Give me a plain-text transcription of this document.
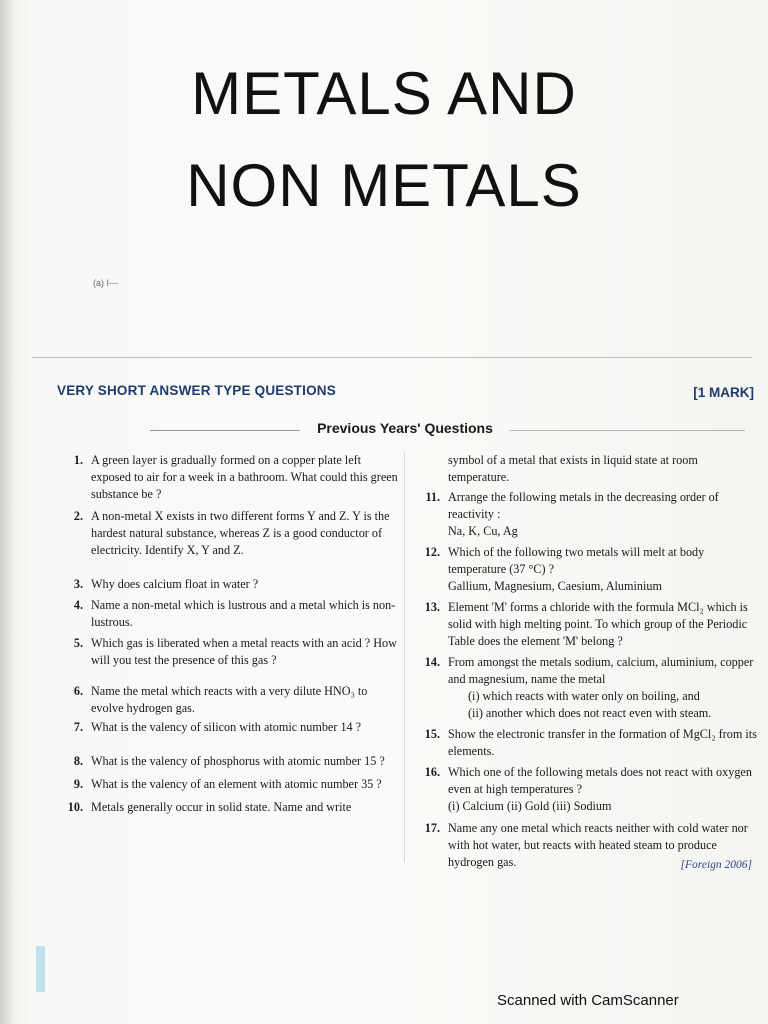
METALS AND
NON METALS
(a) I---
VERY SHORT ANSWER TYPE QUESTIONS	[1 MARK]
Previous Years' Questions
1. A green layer is gradually formed on a copper plate left exposed to air for a week in a bathroom. What could this green substance be ?
2. A non-metal X exists in two different forms Y and Z. Y is the hardest natural substance, whereas Z is a good conductor of electricity. Identify X, Y and Z.
3. Why does calcium float in water ?
4. Name a non-metal which is lustrous and a metal which is non-lustrous.
5. Which gas is liberated when a metal reacts with an acid ? How will you test the presence of this gas ?
6. Name the metal which reacts with a very dilute HNO₃ to evolve hydrogen gas.
7. What is the valency of silicon with atomic number 14 ?
8. What is the valency of phosphorus with atomic number 15 ?
9. What is the valency of an element with atomic number 35 ?
10. Metals generally occur in solid state. Name and write
symbol of a metal that exists in liquid state at room temperature.
11. Arrange the following metals in the decreasing order of reactivity :
Na, K, Cu, Ag
12. Which of the following two metals will melt at body temperature (37 °C) ?
Gallium, Magnesium, Caesium, Aluminium
13. Element 'M' forms a chloride with the formula MCl₂ which is solid with high melting point. To which group of the Periodic Table does the element 'M' belong ?
14. From amongst the metals sodium, calcium, aluminium, copper and magnesium, name the metal
(i) which reacts with water only on boiling, and
(ii) another which does not react even with steam.
15. Show the electronic transfer in the formation of MgCl₂ from its elements.
16. Which one of the following metals does not react with oxygen even at high temperatures ?
(i) Calcium (ii) Gold (iii) Sodium
17. Name any one metal which reacts neither with cold water nor with hot water, but reacts with heated steam to produce hydrogen gas.	[Foreign 2006]
Scanned with CamScanner
